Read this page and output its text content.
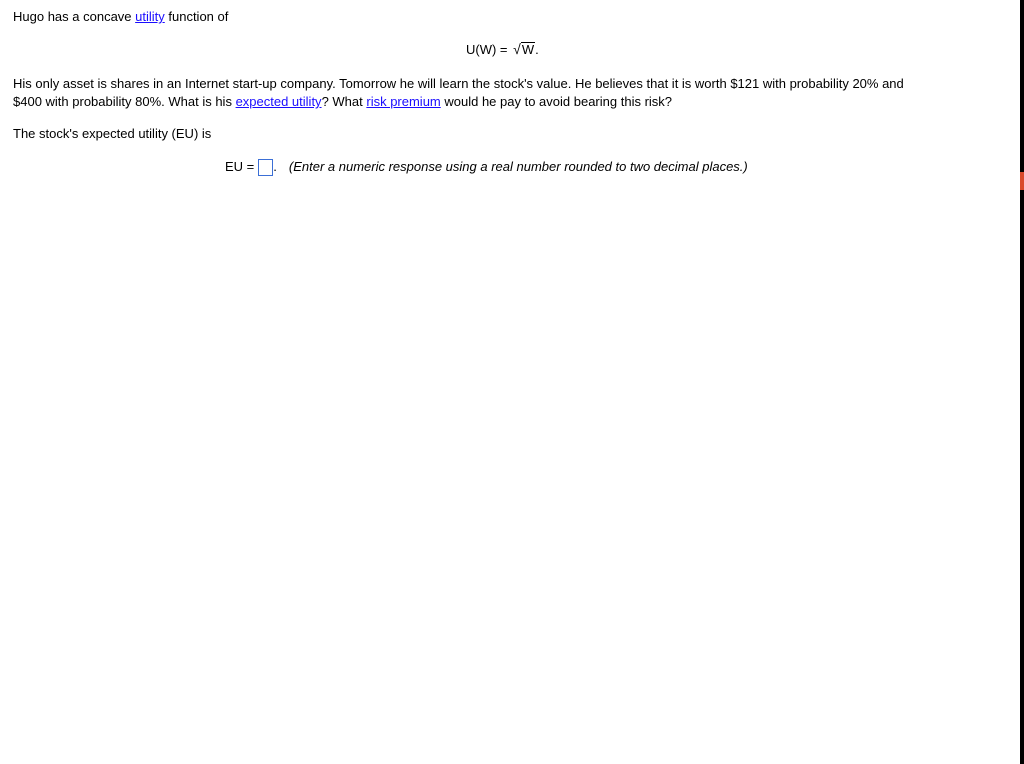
Hugo has a concave utility function of
U(W) = √W.
His only asset is shares in an Internet start-up company. Tomorrow he will learn the stock's value. He believes that it is worth $121 with probability 20% and
$400 with probability 80%. What is his expected utility? What risk premium would he pay to avoid bearing this risk?
The stock's expected utility (EU) is
EU = . (Enter a numeric response using a real number rounded to two decimal places.)
